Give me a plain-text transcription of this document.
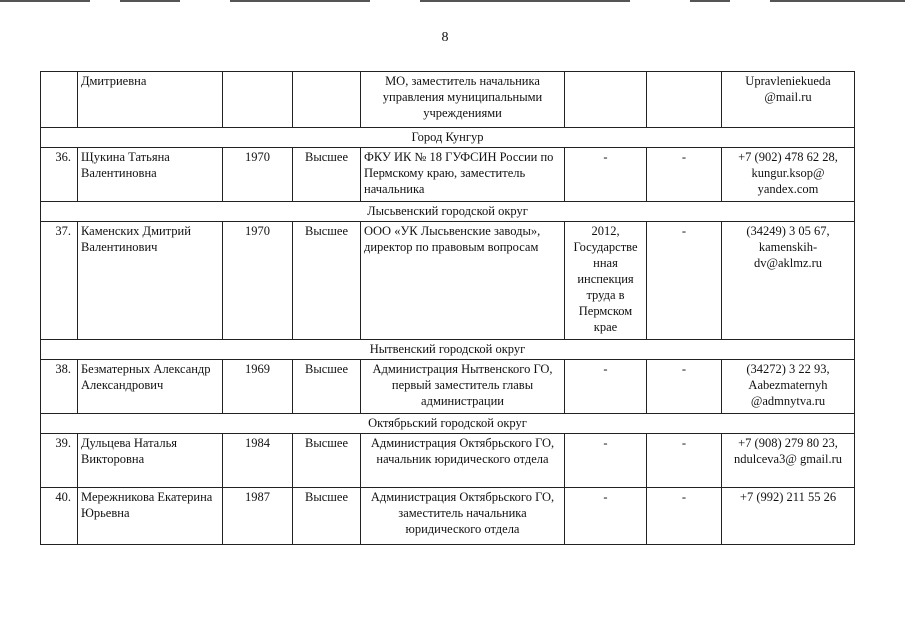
8
	Дмитриевна			МО, заместитель начальника управления муниципальными учреждениями			Upravleniekueda @mail.ru
Город Кунгур							
36.	Щукина Татьяна Валентиновна	1970	Высшее	ФКУ ИК № 18 ГУФСИН России по Пермскому краю, заместитель начальника	-	-	+7 (902) 478 62 28, kungur.ksop@ yandex.com
Лысьвенский городской округ							
37.	Каменских Дмитрий Валентинович	1970	Высшее	ООО «УК Лысьвенские заводы», директор по правовым вопросам	2012, Государстве нная инспекция труда в Пермском крае	-	(34249) 3 05 67, kamenskih-dv@aklmz.ru
Нытвенский городской округ							
38.	Безматерных Александр Александрович	1969	Высшее	Администрация Нытвенского ГО, первый заместитель главы администрации	-	-	(34272) 3 22 93, Aabezmaternyh @admnytva.ru
Октябрьский городской округ							
39.	Дульцева Наталья Викторовна	1984	Высшее	Администрация Октябрьского ГО, начальник юридического отдела	-	-	+7 (908) 279 80 23, ndulceva3@ gmail.ru
40.	Мережникова Екатерина Юрьевна	1987	Высшее	Администрация Октябрьского ГО, заместитель начальника юридического отдела	-	-	+7 (992) 211 55 26
